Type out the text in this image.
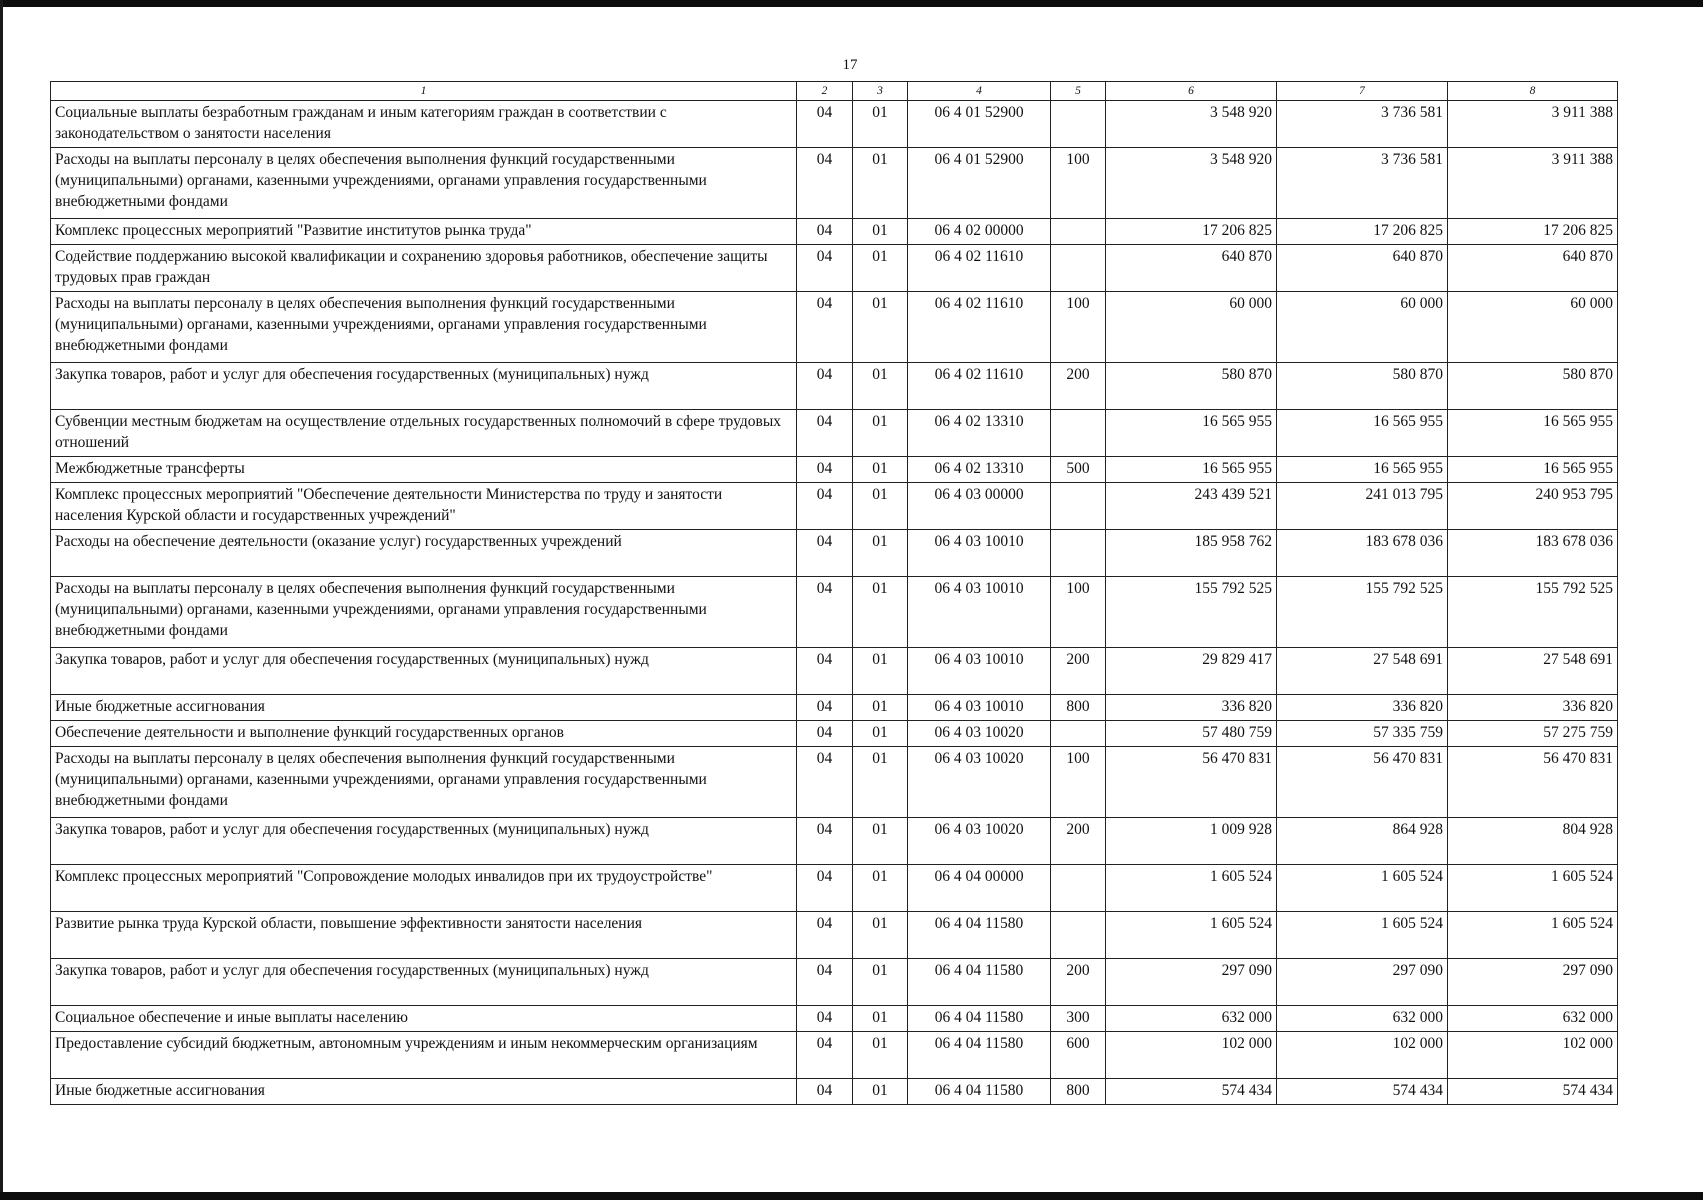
17
1	2	3	4	5	6	7	8
Социальные выплаты безработным гражданам и иным категориям граждан в соответствии с законодательством о занятости населения	04	01	06 4 01 52900		3 548 920	3 736 581	3 911 388
Расходы на выплаты персоналу в целях обеспечения выполнения функций государственными (муниципальными) органами, казенными учреждениями, органами управления государственными внебюджетными фондами	04	01	06 4 01 52900	100	3 548 920	3 736 581	3 911 388
Комплекс процессных мероприятий "Развитие институтов рынка труда"	04	01	06 4 02 00000		17 206 825	17 206 825	17 206 825
Содействие поддержанию высокой квалификации и сохранению здоровья работников, обеспечение защиты трудовых прав граждан	04	01	06 4 02 11610		640 870	640 870	640 870
Расходы на выплаты персоналу в целях обеспечения выполнения функций государственными (муниципальными) органами, казенными учреждениями, органами управления государственными внебюджетными фондами	04	01	06 4 02 11610	100	60 000	60 000	60 000
Закупка товаров, работ и услуг для обеспечения государственных (муниципальных) нужд	04	01	06 4 02 11610	200	580 870	580 870	580 870
Субвенции местным бюджетам на осуществление отдельных государственных полномочий в сфере трудовых отношений	04	01	06 4 02 13310		16 565 955	16 565 955	16 565 955
Межбюджетные трансферты	04	01	06 4 02 13310	500	16 565 955	16 565 955	16 565 955
Комплекс процессных мероприятий "Обеспечение деятельности Министерства по труду и занятости населения Курской области и государственных учреждений"	04	01	06 4 03 00000		243 439 521	241 013 795	240 953 795
Расходы на обеспечение деятельности (оказание услуг) государственных учреждений	04	01	06 4 03 10010		185 958 762	183 678 036	183 678 036
Расходы на выплаты персоналу в целях обеспечения выполнения функций государственными (муниципальными) органами, казенными учреждениями, органами управления государственными внебюджетными фондами	04	01	06 4 03 10010	100	155 792 525	155 792 525	155 792 525
Закупка товаров, работ и услуг для обеспечения государственных (муниципальных) нужд	04	01	06 4 03 10010	200	29 829 417	27 548 691	27 548 691
Иные бюджетные ассигнования	04	01	06 4 03 10010	800	336 820	336 820	336 820
Обеспечение деятельности и выполнение функций государственных органов	04	01	06 4 03 10020		57 480 759	57 335 759	57 275 759
Расходы на выплаты персоналу в целях обеспечения выполнения функций государственными (муниципальными) органами, казенными учреждениями, органами управления государственными внебюджетными фондами	04	01	06 4 03 10020	100	56 470 831	56 470 831	56 470 831
Закупка товаров, работ и услуг для обеспечения государственных (муниципальных) нужд	04	01	06 4 03 10020	200	1 009 928	864 928	804 928
Комплекс процессных мероприятий "Сопровождение молодых инвалидов при их трудоустройстве"	04	01	06 4 04 00000		1 605 524	1 605 524	1 605 524
Развитие рынка труда Курской области, повышение эффективности занятости населения	04	01	06 4 04 11580		1 605 524	1 605 524	1 605 524
Закупка товаров, работ и услуг для обеспечения государственных (муниципальных) нужд	04	01	06 4 04 11580	200	297 090	297 090	297 090
Социальное обеспечение и иные выплаты населению	04	01	06 4 04 11580	300	632 000	632 000	632 000
Предоставление субсидий бюджетным, автономным учреждениям и иным некоммерческим организациям	04	01	06 4 04 11580	600	102 000	102 000	102 000
Иные бюджетные ассигнования	04	01	06 4 04 11580	800	574 434	574 434	574 434
